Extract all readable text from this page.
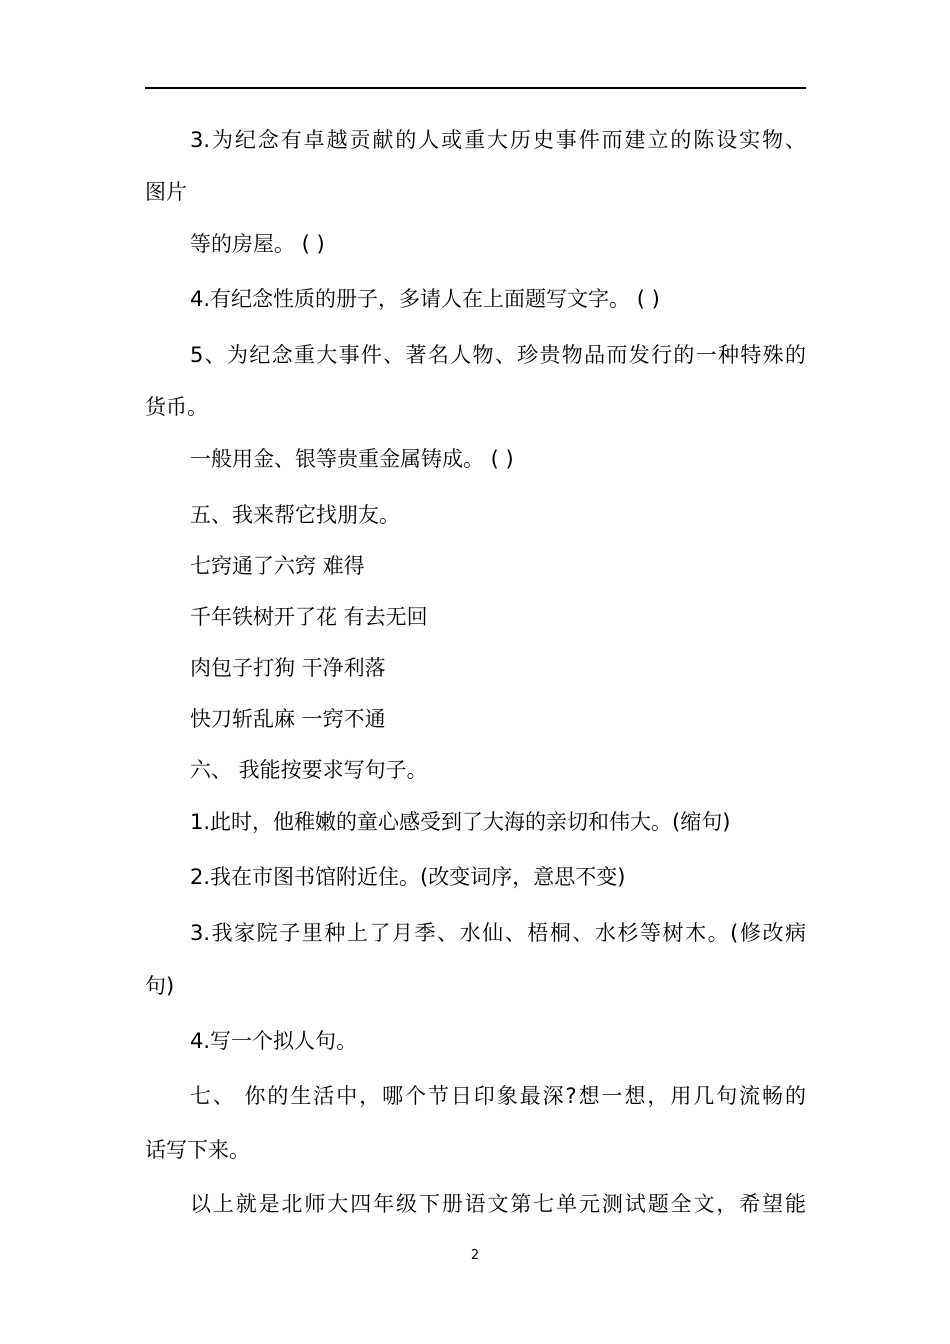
3.为纪念有卓越贡献的人或重大历史事件而建立的陈设实物、
图片
等的房屋。 ( )
4.有纪念性质的册子，多请人在上面题写文字。 ( )
5、为纪念重大事件、著名人物、珍贵物品而发行的一种特殊的
货币。
一般用金、银等贵重金属铸成。 ( )
五、我来帮它找朋友。
七窍通了六窍 难得
千年铁树开了花 有去无回
肉包子打狗 干净利落
快刀斩乱麻 一窍不通
六、 我能按要求写句子。
1.此时，他稚嫩的童心感受到了大海的亲切和伟大。(缩句)
2.我在市图书馆附近住。(改变词序，意思不变)
3.我家院子里种上了月季、水仙、梧桐、水杉等树木。(修改病
句)
4.写一个拟人句。
七、 你的生活中，哪个节日印象最深?想一想，用几句流畅的
话写下来。
以上就是北师大四年级下册语文第七单元测试题全文，希望能
2
